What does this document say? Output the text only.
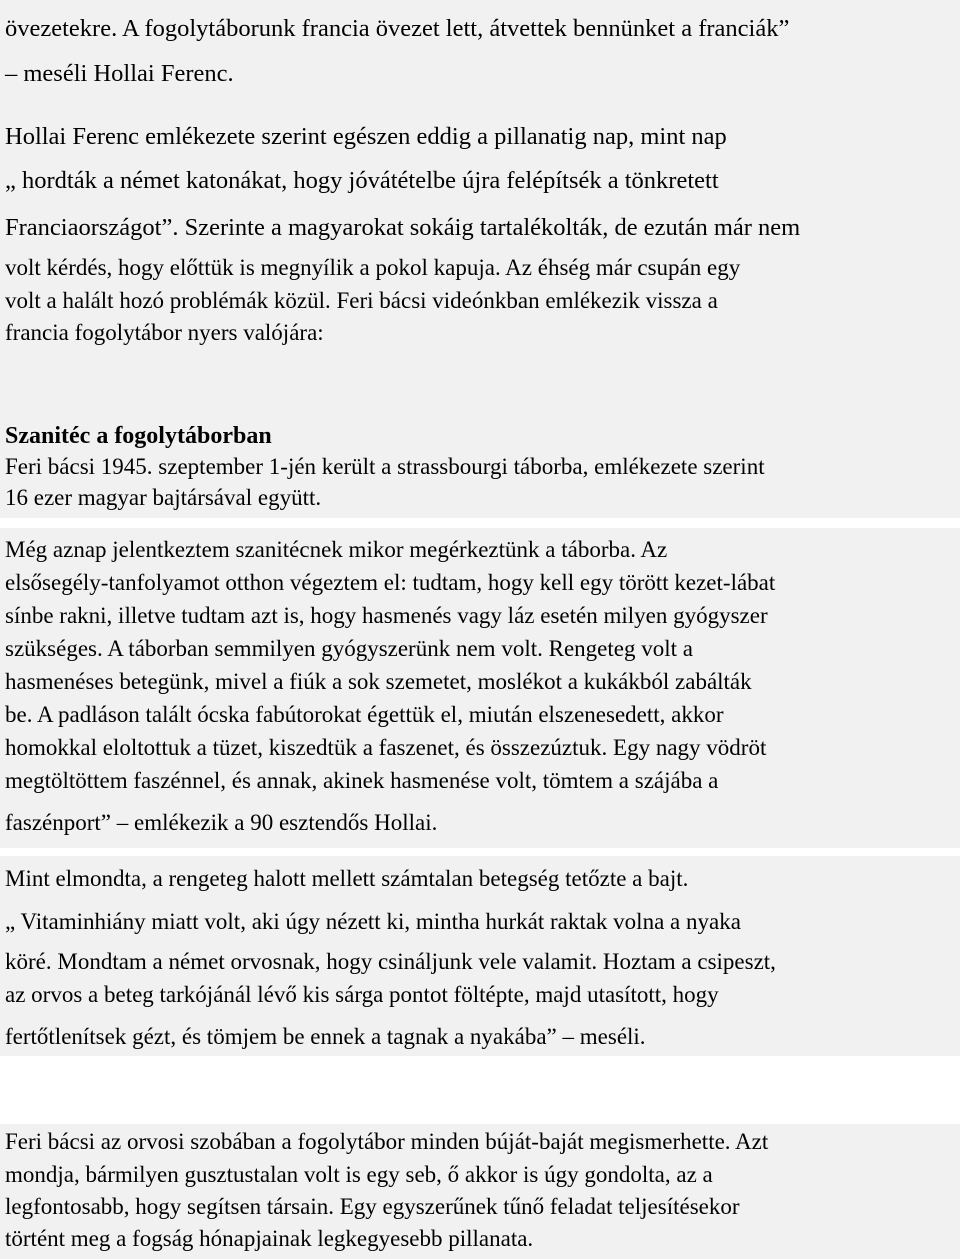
övezetekre. A fogolytáborunk francia övezet lett, átvettek bennünket a franciák”
– meséli Hollai Ferenc.
Hollai Ferenc emlékezete szerint egészen eddig a pillanatig nap, mint nap
„ hordták a német katonákat, hogy jóvátételbe újra felépítsék a tönkretett
Franciaországot”. Szerinte a magyarokat sokáig tartalékolták, de ezután már nem
volt kérdés, hogy előttük is megnyílik a pokol kapuja. Az éhség már csupán egy
volt a halált hozó problémák közül. Feri bácsi videónkban emlékezik vissza a
francia fogolytábor nyers valójára:
Szanitéc a fogolytáborban
Feri bácsi 1945. szeptember 1-jén került a strassbourgi táborba, emlékezete szerint
16 ezer magyar bajtársával együtt.
Még aznap jelentkeztem szanitécnek mikor megérkeztünk a táborba. Az
elsősegély-tanfolyamot otthon végeztem el: tudtam, hogy kell egy törött kezet-lábat
sínbe rakni, illetve tudtam azt is, hogy hasmenés vagy láz esetén milyen gyógyszer
szükséges. A táborban semmilyen gyógyszerünk nem volt. Rengeteg volt a
hasmenéses betegünk, mivel a fiúk a sok szemetet, moslékot a kukákból zabálták
be. A padláson talált ócska fabútorokat égettük el, miután elszenesedett, akkor
homokkal eloltottuk a tüzet, kiszedtük a faszenet, és összezúztuk. Egy nagy vödröt
megtöltöttem faszénnel, és annak, akinek hasmenése volt, tömtem a szájába a
faszénport” – emlékezik a 90 esztendős Hollai.
Mint elmondta, a rengeteg halott mellett számtalan betegség tetőzte a bajt.
„ Vitaminhiány miatt volt, aki úgy nézett ki, mintha hurkát raktak volna a nyaka
köré. Mondtam a német orvosnak, hogy csináljunk vele valamit. Hoztam a csipeszt,
az orvos a beteg tarkójánál lévő kis sárga pontot föltépte, majd utasított, hogy
fertőtlenítsek gézt, és tömjem be ennek a tagnak a nyakába” – meséli.
Feri bácsi az orvosi szobában a fogolytábor minden búját-baját megismerhette. Azt
mondja, bármilyen gusztustalan volt is egy seb, ő akkor is úgy gondolta, az a
legfontosabb, hogy segítsen társain. Egy egyszerűnek tűnő feladat teljesítésekor
történt meg a fogság hónapjainak legkegyesebb pillanata.
